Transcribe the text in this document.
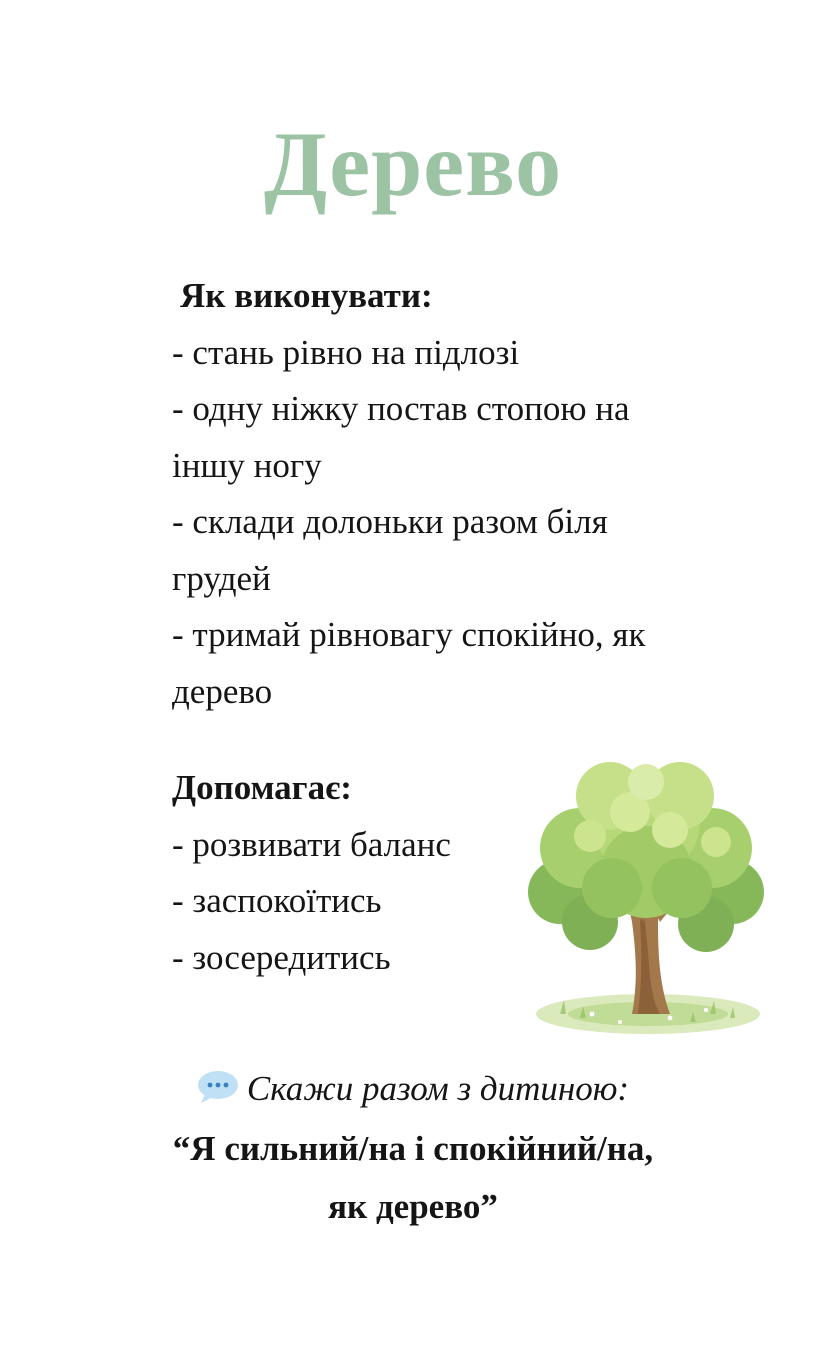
Дерево
Як виконувати:
- стань рівно на підлозі
- одну ніжку постав стопою на
іншу ногу
- склади долоньки разом біля
грудей
- тримай рівновагу спокійно, як
дерево
Допомагає:
- розвивати баланс
- заспокоїтись
- зосередитись
Скажи разом з дитиною:
“Я сильний/на і спокійний/на,
як дерево”
